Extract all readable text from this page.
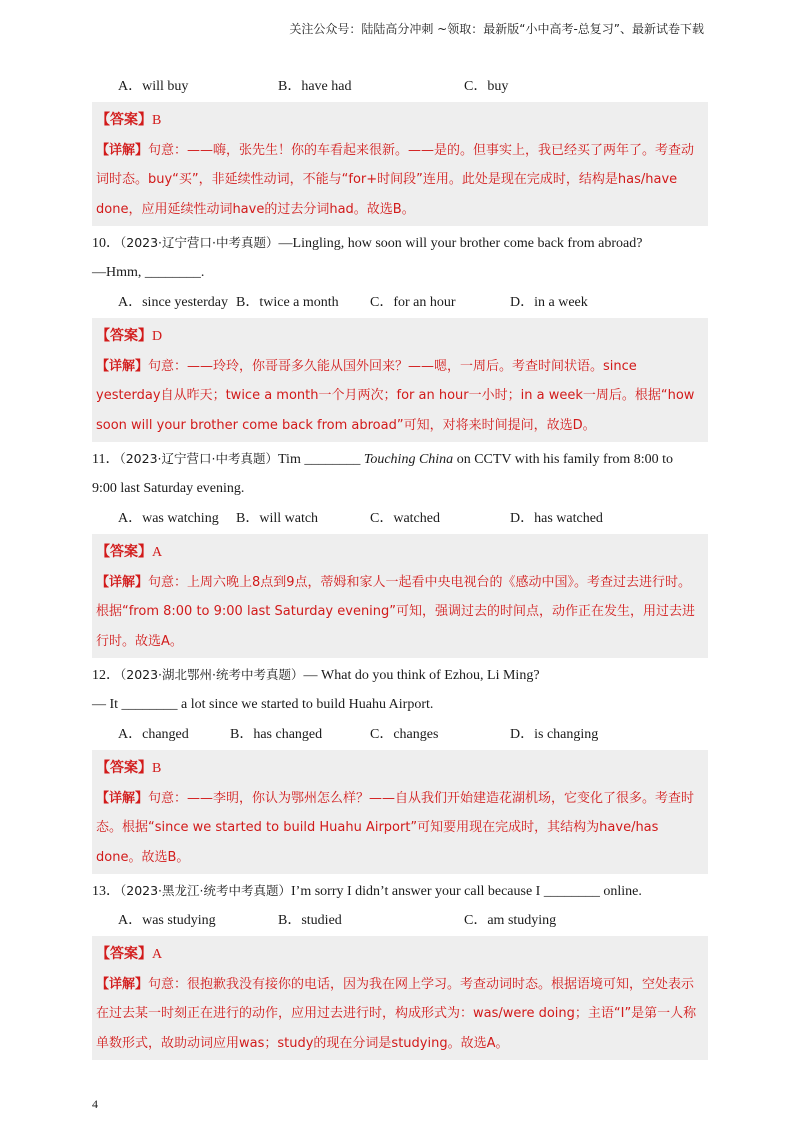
关注公众号：陆陆高分冲刺 ~领取：最新版“小中高考-总复习”、最新试卷下载
A．will buy	B．have had	C．buy
【答案】B
【详解】句意：——嗨，张先生！你的车看起来很新。——是的。但事实上，我已经买了两年了。考查动词时态。buy“买”，非延续性动词，不能与“for+时间段”连用。此处是现在完成时，结构是has/have done，应用延续性动词have的过去分词had。故选B。
10．（2023·辽宁营口·中考真题）—Lingling, how soon will your brother come back from abroad?
—Hmm, ________.
A．since yesterday B．twice a month C．for an hour	D．in a week
【答案】D
【详解】句意：——玲玲，你哥哥多久能从国外回来？——嗯，一周后。考查时间状语。since yesterday自从昨天；twice a month一个月两次；for an hour一小时；in a week一周后。根据“how soon will your brother come back from abroad”可知，对将来时间提问，故选D。
11．（2023·辽宁营口·中考真题）Tim ________ Touching China on CCTV with his family from 8:00 to
9:00 last Saturday evening.
A．was watching B．will watch	C．watched	D．has watched
【答案】A
【详解】句意：上周六晚上8点到9点，蒂姆和家人一起看中央电视台的《感动中国》。考查过去进行时。根据“from 8:00 to 9:00 last Saturday evening”可知，强调过去的时间点，动作正在发生，用过去进行时。故选A。
12．（2023·湖北鄂州·统考中考真题）— What do you think of Ezhou, Li Ming?
— It ________ a lot since we started to build Huahu Airport.
A．changed	B．has changed	C．changes	D．is changing
【答案】B
【详解】句意：——李明，你认为鄂州怎么样？——自从我们开始建造花湖机场，它变化了很多。考查时态。根据“since we started to build Huahu Airport”可知要用现在完成时，其结构为have/has done。故选B。
13．（2023·黑龙江·统考中考真题）I’m sorry I didn’t answer your call because I ________ online.
A．was studying	B．studied	C．am studying
【答案】A
【详解】句意：很抱歉我没有接你的电话，因为我在网上学习。考查动词时态。根据语境可知，空处表示在过去某一时刻正在进行的动作，应用过去进行时，构成形式为：was/were doing；主语“I”是第一人称单数形式，故助动词应用was；study的现在分词是studying。故选A。
4
